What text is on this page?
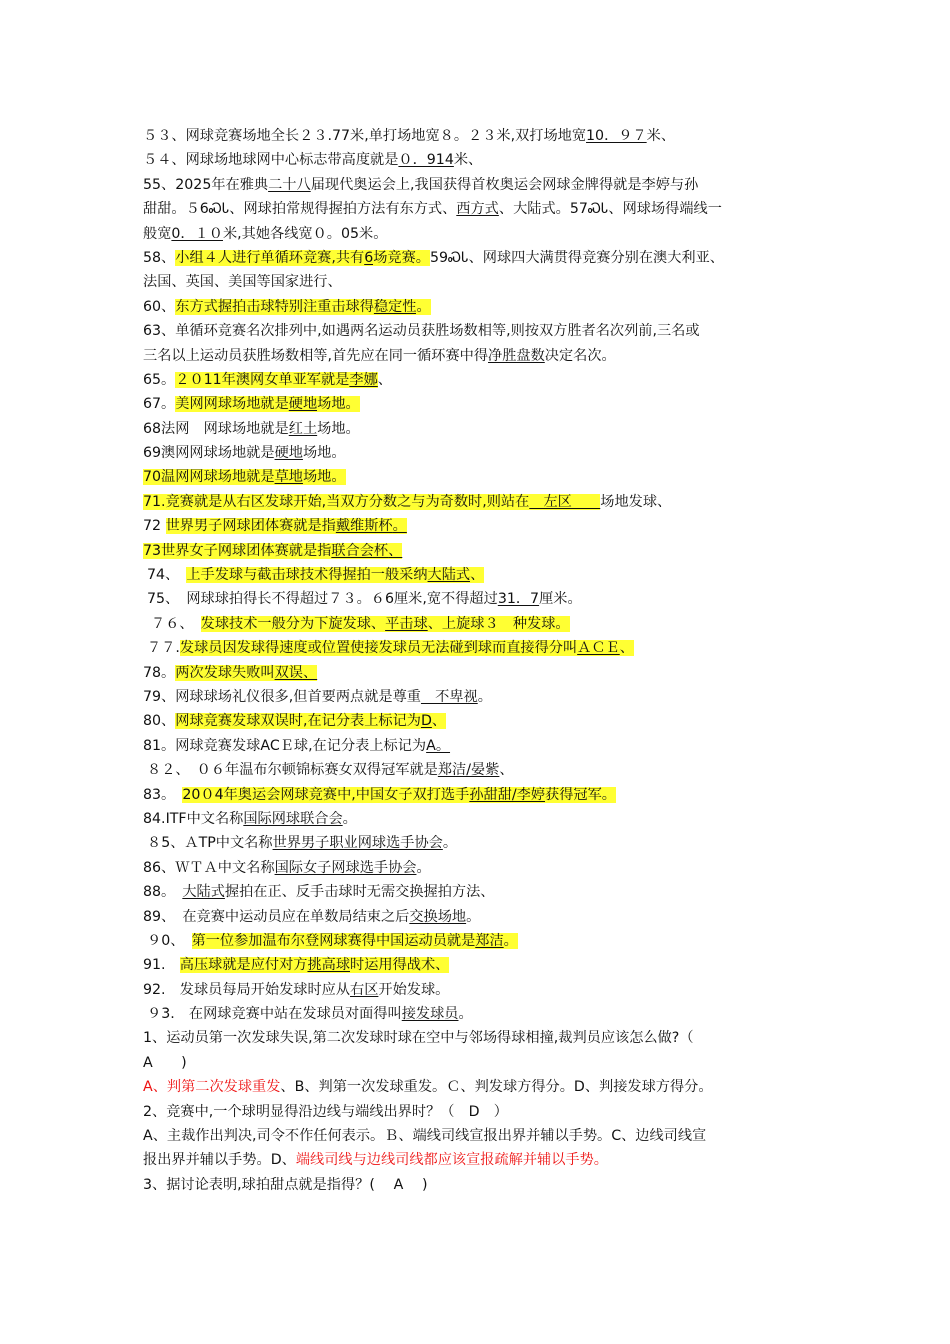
５３、网球竞赛场地全长２３.77米,单打场地宽８。２３米,双打场地宽10．９７米、
５４、网球场地球网中心标志带高度就是０．914米、
55、2025年在雅典二十八届现代奥运会上,我国获得首枚奥运会网球金牌得就是李婷与孙
甜甜。５6ᏍᏓ、网球拍常规得握拍方法有东方式、西方式、大陆式。57ᏍᏓ、网球场得端线一
般宽0．１０米,其她各线宽０。05米。
58、小组４人进行单循环竞赛,共有6场竞赛。59ᏍᏓ、网球四大满贯得竞赛分别在澳大利亚、
法国、英国、美国等国家进行、
60、东方式握拍击球特别注重击球得稳定性。
63、单循环竞赛名次排列中,如遇两名运动员获胜场数相等,则按双方胜者名次列前,三名或
三名以上运动员获胜场数相等,首先应在同一循环赛中得净胜盘数决定名次。
65。２０11年澳网女单亚军就是李娜、
67。美网网球场地就是硬地场地。
68法网　网球场地就是红土场地。
69澳网网球场地就是硬地场地。
70温网网球场地就是草地场地。
71.竞赛就是从右区发球开始,当双方分数之与为奇数时,则站在　左区　　场地发球、
72 世界男子网球团体赛就是指戴维斯杯。
73世界女子网球团体赛就是指联合会杯、
74、　上手发球与截击球技术得握拍一般采纳大陆式、
75、　网球球拍得长不得超过７３。６6厘米,宽不得超过31．7厘米。
７６、　发球技术一般分为下旋发球、平击球、上旋球３　种发球。
７７.发球员因发球得速度或位置使接发球员无法碰到球而直接得分叫ＡＣＥ、
78。两次发球失败叫双误、
79、网球球场礼仪很多,但首要两点就是尊重　不卑视。
80、网球竞赛发球双误时,在记分表上标记为D、
81。网球竞赛发球ACＥ球,在记分表上标记为A。
８２、　０６年温布尔顿锦标赛女双得冠军就是郑洁/晏紫、
83。　20０4年奥运会网球竞赛中,中国女子双打选手孙甜甜/李婷获得冠军。
84.ITF中文名称国际网球联合会。
８5、ＡTP中文名称世界男子职业网球选手协会。
86、ＷＴＡ中文名称国际女子网球选手协会。
88。　大陆式握拍在正、反手击球时无需交换握拍方法、
89、　在竞赛中运动员应在单数局结束之后交换场地。
９0、　第一位参加温布尔登网球赛得中国运动员就是郑洁。
91.　高压球就是应付对方挑高球时运用得战术、
92.　发球员每局开始发球时应从右区开始发球。
９3.　在网球竞赛中站在发球员对面得叫接发球员。
1、运动员第一次发球失误,第二次发球时球在空中与邻场得球相撞,裁判员应该怎么做?（
A　　)
A、判第二次发球重发、B、判第一次发球重发。Ｃ、判发球方得分。D、判接发球方得分。
2、竞赛中,一个球明显得沿边线与端线出界时？（　D　）
A、主裁作出判决,司令不作任何表示。Ｂ、端线司线宣报出界并辅以手势。C、边线司线宣
报出界并辅以手势。D、端线司线与边线司线都应该宣报疏解并辅以手势。
3、据讨论表明,球拍甜点就是指得？(　 A　 )
